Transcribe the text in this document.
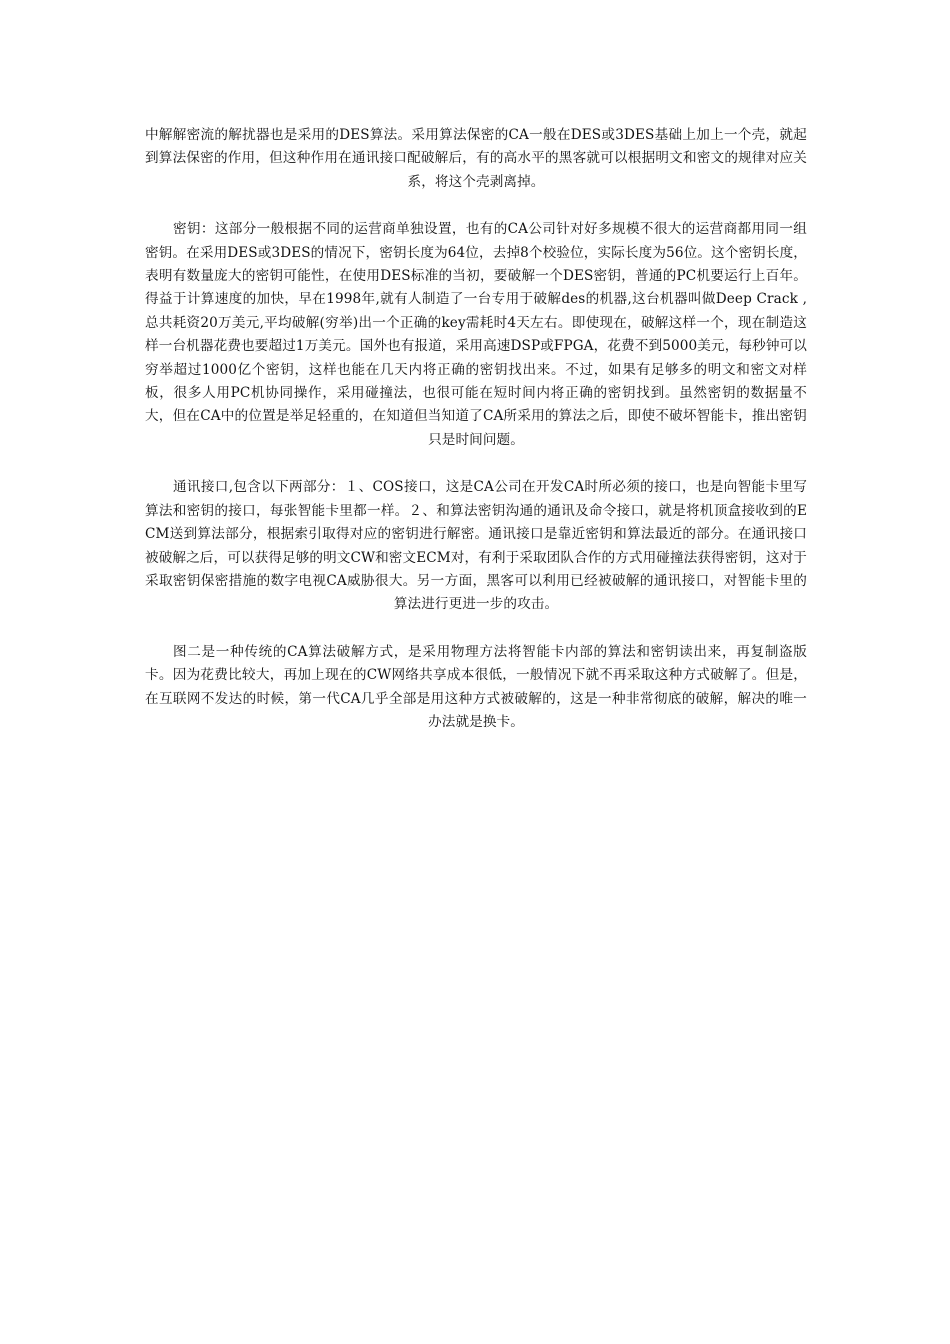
中解解密流的解扰器也是采用的DES算法。采用算法保密的CA一般在DES或3DES基础上加上一个壳，就起到算法保密的作用，但这种作用在通讯接口配破解后，有的高水平的黑客就可以根据明文和密文的规律对应关系，将这个壳剥离掉。

密钥：这部分一般根据不同的运营商单独设置，也有的CA公司针对好多规模不很大的运营商都用同一组密钥。在采用DES或3DES的情况下，密钥长度为64位，去掉8个校验位，实际长度为56位。这个密钥长度，表明有数量庞大的密钥可能性，在使用DES标准的当初，要破解一个DES密钥，普通的PC机要运行上百年。得益于计算速度的加快，早在1998年,就有人制造了一台专用于破解des的机器,这台机器叫做Deep Crack ,总共耗资20万美元,平均破解(穷举)出一个正确的key需耗时4天左右。即使现在，破解这样一个，现在制造这样一台机器花费也要超过1万美元。国外也有报道，采用高速DSP或FPGA，花费不到5000美元，每秒钟可以穷举超过1000亿个密钥，这样也能在几天内将正确的密钥找出来。不过，如果有足够多的明文和密文对样板，很多人用PC机协同操作，采用碰撞法，也很可能在短时间内将正确的密钥找到。虽然密钥的数据量不大，但在CA中的位置是举足轻重的，在知道但当知道了CA所采用的算法之后，即使不破坏智能卡，推出密钥只是时间问题。

通讯接口,包含以下两部分：１、COS接口，这是CA公司在开发CA时所必须的接口，也是向智能卡里写算法和密钥的接口，每张智能卡里都一样。２、和算法密钥沟通的通讯及命令接口，就是将机顶盒接收到的ECM送到算法部分，根据索引取得对应的密钥进行解密。通讯接口是靠近密钥和算法最近的部分。在通讯接口被破解之后，可以获得足够的明文CW和密文ECM对，有利于采取团队合作的方式用碰撞法获得密钥，这对于采取密钥保密措施的数字电视CA威胁很大。另一方面，黑客可以利用已经被破解的通讯接口，对智能卡里的算法进行更进一步的攻击。

图二是一种传统的CA算法破解方式，是采用物理方法将智能卡内部的算法和密钥读出来，再复制盗版卡。因为花费比较大，再加上现在的CW网络共享成本很低，一般情况下就不再采取这种方式破解了。但是，在互联网不发达的时候，第一代CA几乎全部是用这种方式被破解的，这是一种非常彻底的破解，解决的唯一办法就是换卡。
